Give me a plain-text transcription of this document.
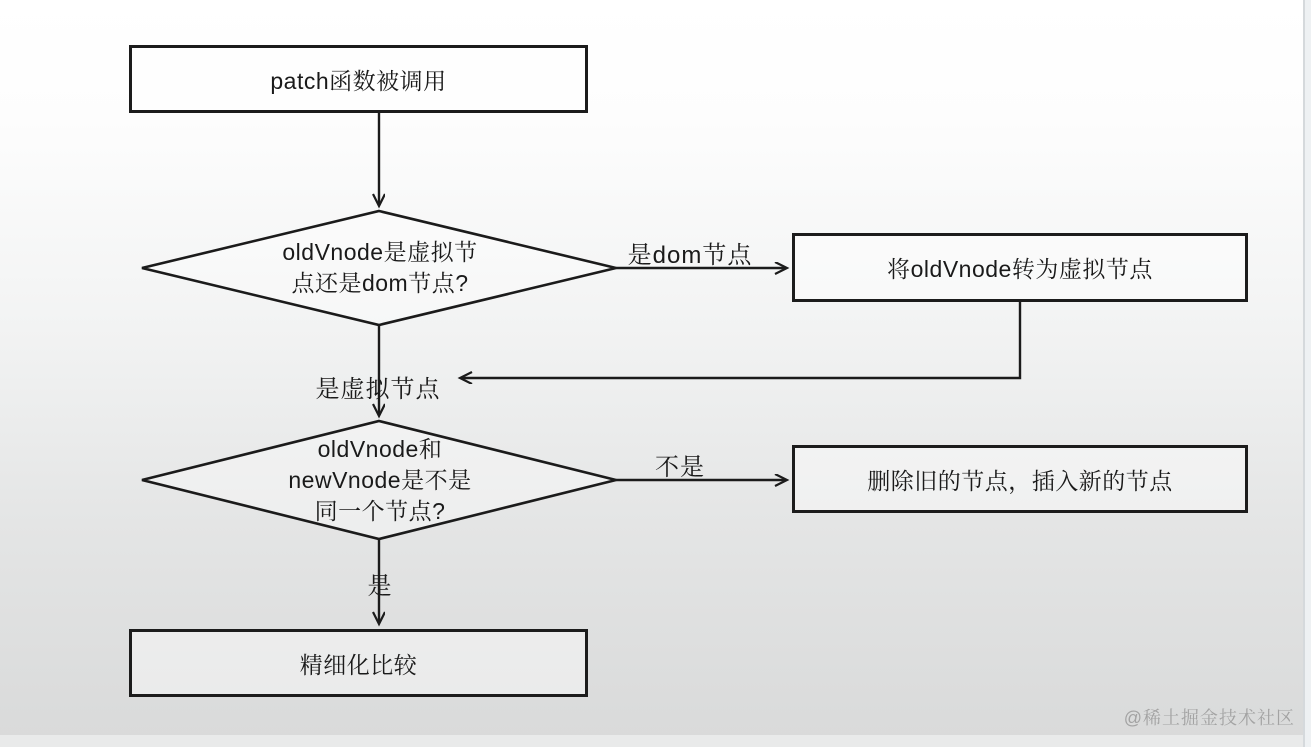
patch函数被调用
将oldVnode转为虚拟节点
删除旧的节点，插入新的节点
精细化比较
oldVnode是虚拟节
点还是dom节点?
oldVnode和
newVnode是不是
同一个节点?
是dom节点
是虚拟节点
不是
是
@稀土掘金技术社区
